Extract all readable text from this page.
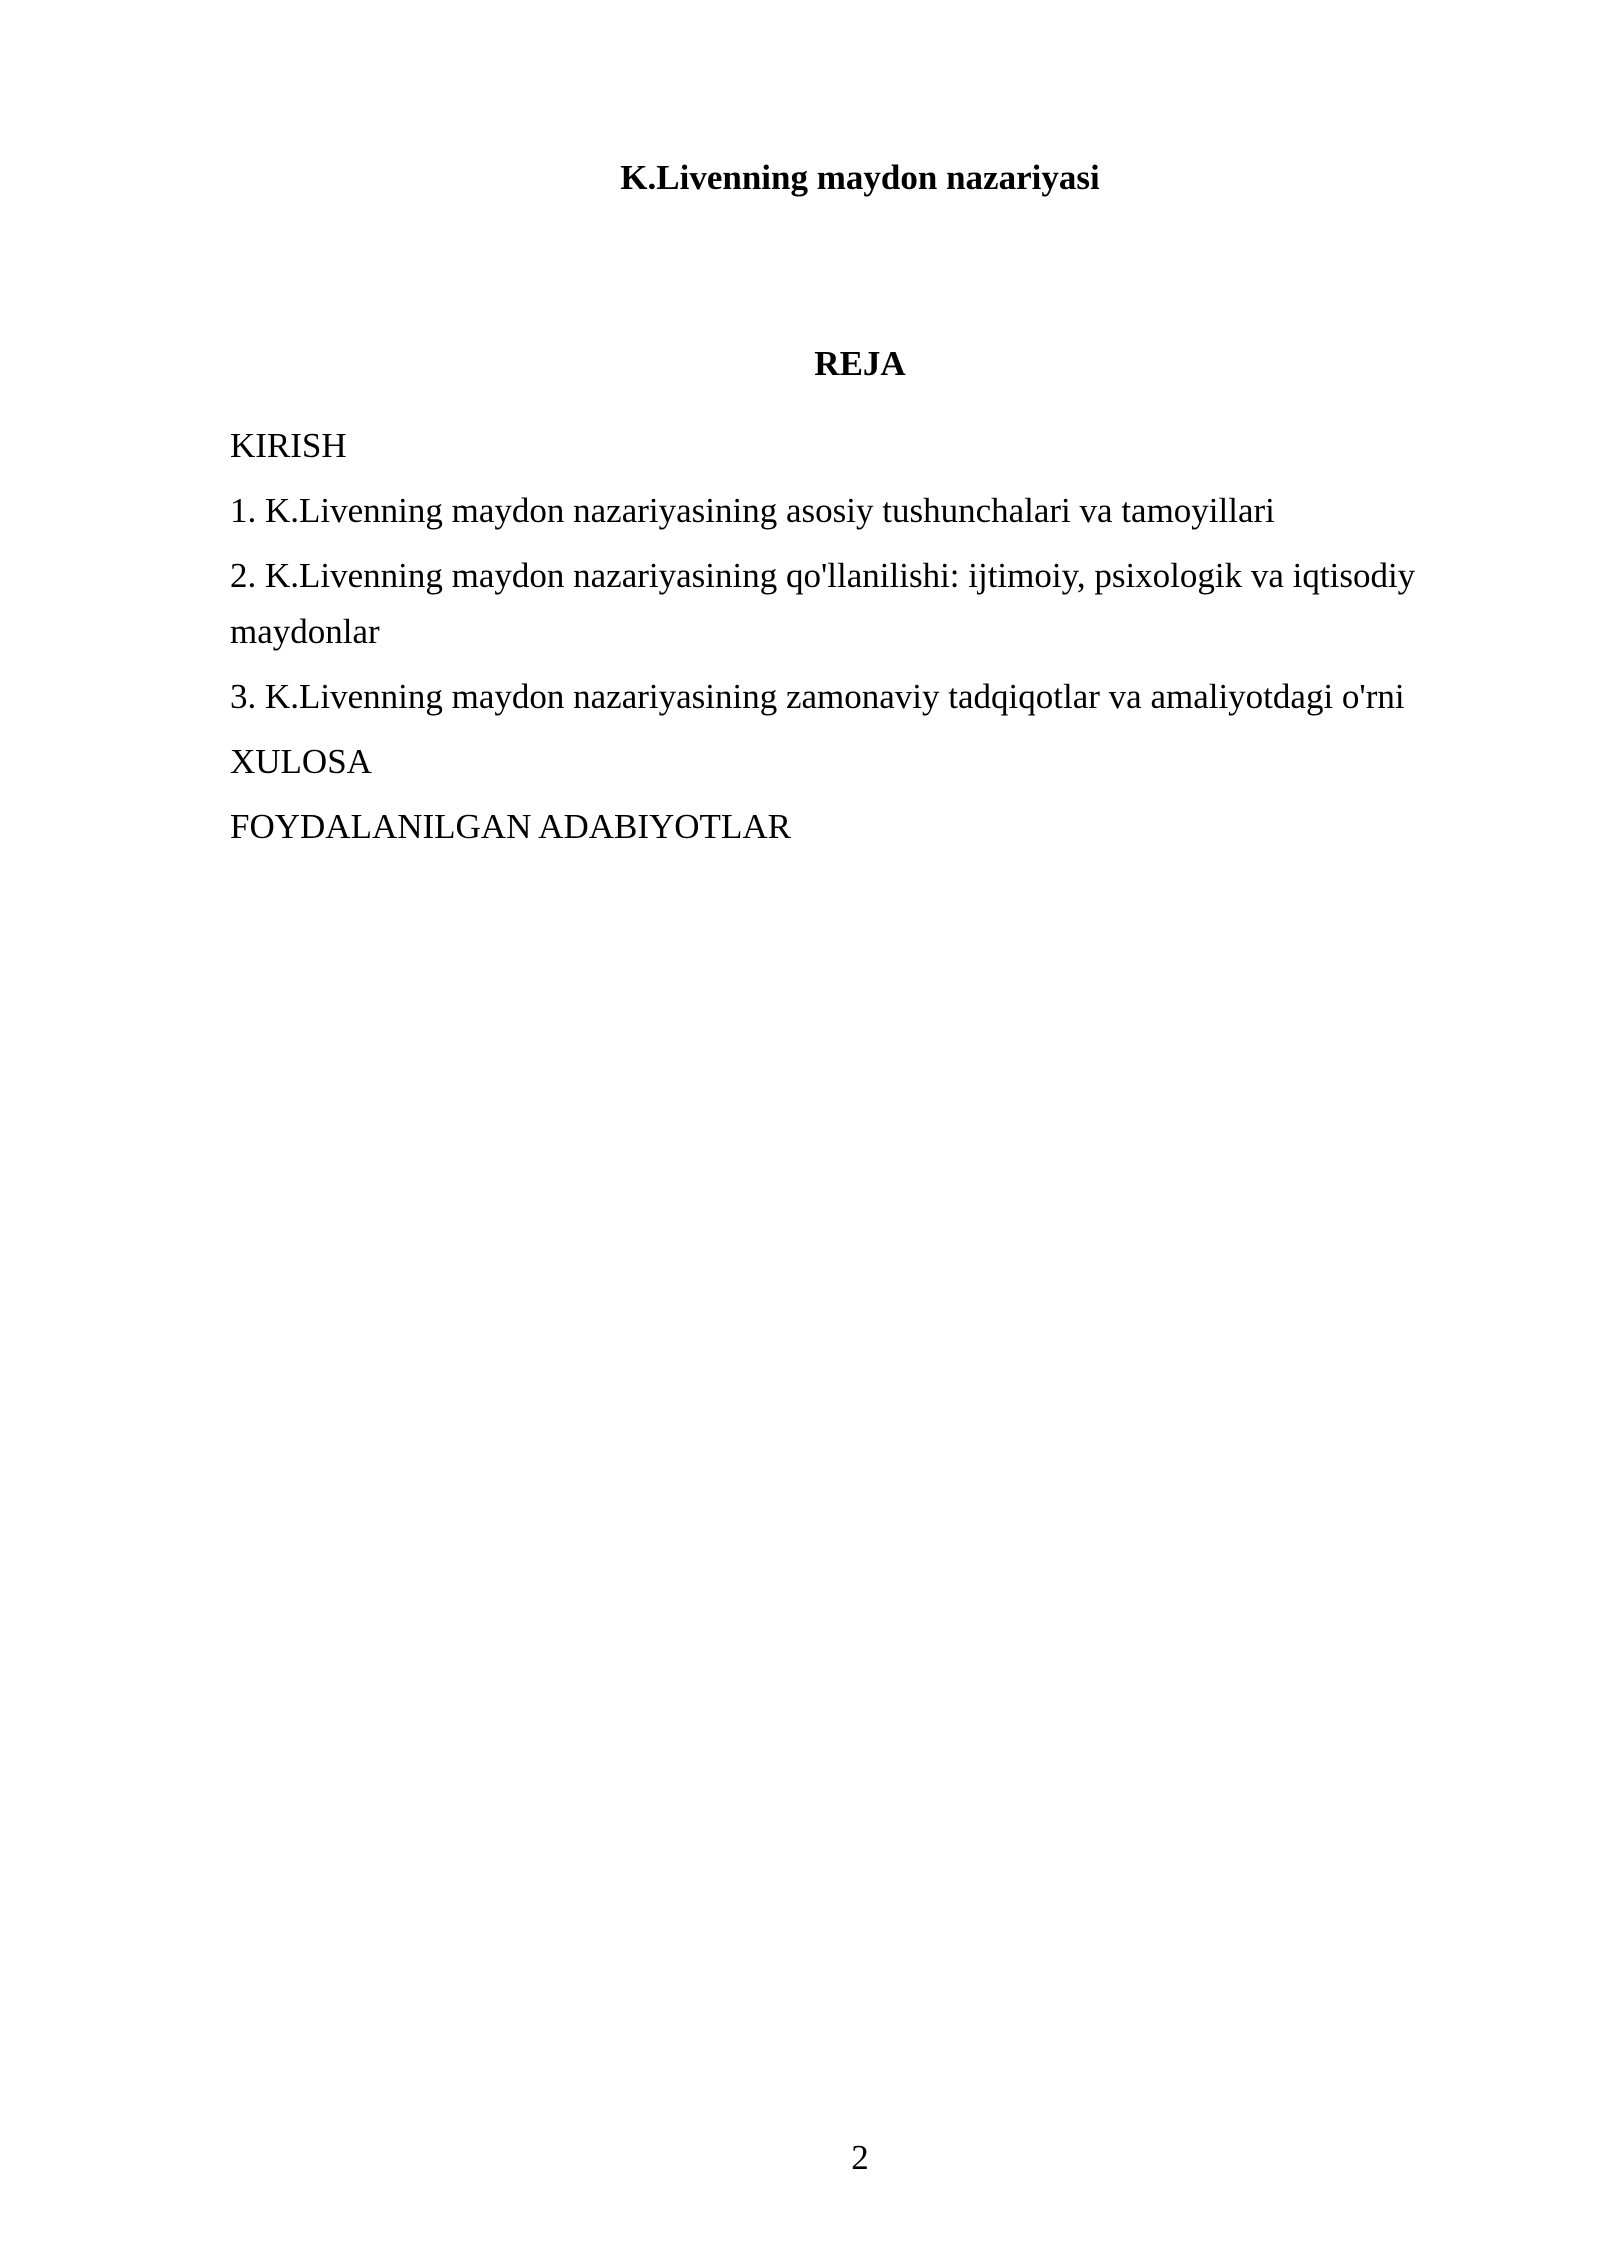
K.Livenning maydon nazariyasi
REJA
KIRISH
1. K.Livenning maydon nazariyasining asosiy tushunchalari va tamoyillari
2. K.Livenning maydon nazariyasining qo'llanilishi: ijtimoiy, psixologik va iqtisodiy maydonlar
3. K.Livenning maydon nazariyasining zamonaviy tadqiqotlar va amaliyotdagi o'rni
XULOSA
FOYDALANILGAN ADABIYOTLAR
2
